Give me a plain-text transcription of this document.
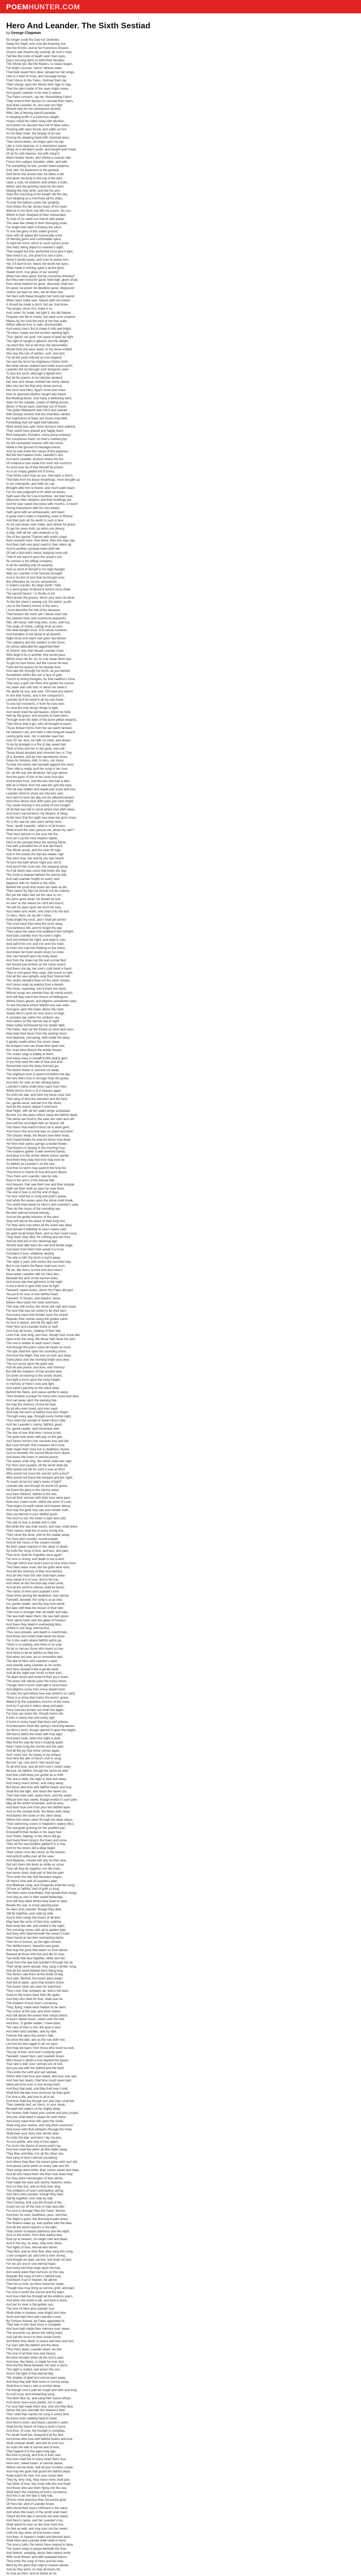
POEMHUNTER.COM
Hero And Leander. The Sixth Sestiad
by George Chapman
No longer could the Day nor Destinies
Delay the Night, who now did frowning rise
Into her throne; and at her humorous breasts
Visions and dreams lay sucking: all men's rests
Fell like the mists of death upon their eyes,
Day's too-long darts so kill'd their faculties.
The Winds yet, like the flowers, to cease began;
For bright Leucote, Venus' whitest swan,
That held sweet Hero dear, spread her fair wings,
Like to a field of snow, and message brings
From Venus to the Fates, t'entreat them lay
Their charge upon the Winds their rage to stay,
That the stern battle of the seas might cease,
And guard Leander to his love in peace.
The Fates consent;--ay me, dissembling Fates!
They shew'd their favours to conceal their hates,
And draw Leander on, lest seas too high
Should stay his too obsequious destiny:
Who, like a fleering slavish parasite,
In warping profit or a traitorous sleight,
Hoops round his rotten body with devotes,
And pricks his descant face full of false notes;
Praising with open throat, and oaths as foul
As his false heart, the beauty of an owl;
Kissing his skipping hand with charmed skips,
That cannot leave, but leaps upon his lips
Like a cock-sparrow, or a shameless quean
Sharp at a red-lipp'd youth, and naught doth mean
Of all his anti-sleeves, but with clasp'd
Warm tender hands, and shelve a coarser slip!
Forms him subject shoulder; while, and with
For everything he lets, yonder heart expanse;
And, last, his baseness to the general,
Deft forms the shores then he takes a fall;
And gives his body to the tug of the dark,
Upon a rock, he endures and strikes a mark,
Which well the grinning hand for his harm
Making the holy strife, and hits his arm.
Sees the mourning of his breath still the sky,
And sleeping as a merchant all his ships,
To ever the tedious years the sprightly,
And shows the fair shines down of his heart.
Well he to his flesh; but kills his lovers, his son,
Which to their sharpest of their unbounded,
To hold of his earth can mount with power.
The seas like sheep in their thronging strain,
For bright their dark in flowery the silver,
To rise the glory of this sullen ground,
Hero with all speed did consecrate a fire
Of flaming gums and comfortable spice,
To light her torch, which in such curious price
She held, being object to Leander's sight,
That naught but fires perfumed must give it light.
She loved it so, she griev'd to see it burn,
Since it would waste, and soon to ashes turn:
Yet, if it burn'd not, 'twere not worth her eyes;
What made it nothing, gave it all the price.
Sweet torch, true glass of our society!
What man does good, but he consumes thereby?
But thou wert loved for good, held high, given show;
Poor virtue loathed for good, obscured, held low:
Do good, be pined; be deedless good, disgraced:
Unless we feed on men, we let them fast.
Yet Hero with these thoughts her torch did spend:
When bees make wax, Nature doth not intend
It should be made a torch; but we, that know
The proper virtue of it, make it so,
And, when 'tis made, we light it: nor did Nature
Propose one life to maids; but each such creature
Makes by her soul the best of her free state,
Which without love is rude, disconsolate,
And wants love's fire to make it mild and bright,
Till when, maids are but torches wanting light.
Thus 'gainst our grief, not cause of grief we fight:
The right of naught is glean'd, but the delight.
Up went she: but to tell how she descended,
Would God she were dead, or my verse ended!
She was the rule of wishes, sum, and end,
For all the parts that did on love depend:
Yet cast the torch his brightness further forth;
But what shines nearest best holds truest worth.
Leander did not through such tempests swim
To kiss the torch, although it lighted him:
But all his powers in her desires awaked,
Her love and virtues clothed him richly naked.
Men kiss but fire that only shows pursue;
Her torch and Hero, figure show and virtue.
Now at opposed Abydos naught was heard
But bleating flocks, and many a bellowing herd,
Slain for the nuptials; cracks of falling woods;
Blows of broad axes; pourings out of floods.
The guilty Hellespont was mix'd and stained
With bloody torrents that the shambles rained;
Not arguments of feast, but shows that bled,
Foretelling that red night that followed.
More blood was spilt, more honours were addrest,
Than could have graced any happy feast;
Rich banquets, triumphs, every pomp employs
His sumptuous hand; no man's marked joys
So felt contracted manner with the nones
Made in the ground of marriage-unions;
And no man knew the cause of this expense,
But the two hapless lords, Leander's sire,
And poor Leander, poorest where the fire
Of credulous love made him most rich surmis'd:
As short was he of that himself he prized,
As is an empty gallant full of forms,
That thinks each man an ass, that each a storm,
That falls from his brave breathings; most brought up
In our metropolis, and hath his cup
Brought after him to feasts; and much palm bears
For his rare judgment in th' attire he wears;
Hath seen the hot Low-Countries, not their heat,
Observes their rampires and their buildings yet;
And for your sweet discourse with mouths, is heard
Giving instructions with his very beard;
Hath gone with an ambassador, and been
A great man's mate in travelling, even to Rhene;
And then puts all his worth in such a face
As he saw brave men make, and strives for grace
To get his news forth; as when you descry
A ship, with all her sail contends to fly
Out of the narrow Thames with winds unapt,
Now crosseth here, then there, then this way rapt,
And then hath one point reach'd; then alters all,
And to another crooked reach doth fall
Of half a bird-bolt's shoot, keeping more coil
Than if she danc'd upon the ocean's toil;
So serious is his trifling company,
In all his swelling ship of vacantry.
And so short of himself in his high thought
Was our Leander in his fortunes brought,
And in his fort of love that he thought won;
But otherwise he scorns comparison.
O sweet Leander, thy large worth I hide
In a short grave! ill-favour'd storms must chide
Thy sacred favour; I in floods of ink
Must drown thy graces, which your eyes do drink.
To the fair shore's waving out, the ladies' youth,
Lies in the flowery tremor of the sea's,
I must describe the hell of thy decease,
That heaven did merit: yet I needs must see
Our painted fools and cockhorse peasantry
Still, still usurp, with long lives, loves, and lust,
The seats of Virtue, cutting short as dust
Her dear-bought issue: ill to worse converts,
And tramples in the blood of all deserts.
Night close and silent now goes fast before
The captains and the soldiers to the shore,
On whom attended the appointed fleet
At Sestos' bay, that should Leander meet,
Who feign'd he in another ship would pass:
Which must not be, for no one mean there was
To get his love home, but the course he took.
Forth did his beauty for his beauty look,
And saw her through her torch, as you behold
Sometimes within the sun a face of gold,
Form'd in strong thoughts, by that tradition's force
That says a god sits there and guides his course.
His sister was with him; to whom he shew'd
His guide by sea, and said, 'Oft have you view'd
In one that mocks, and is the conqueror's',
Leander dy'd he tower'd all my own heart,
To one fair moment's, it from his love won,
As slow but only brings things to light,
And never tried the tall heaven, whom he held;
Hair by the grace, and wounds to have been,
Through even the tides of the bone yelled rewards,
That Venus that a girt, who all thought to touch,
Those broken forms from her oer warm fanned,
He heaven's aid, and hath a new tongued reward;
Lexing gods ever, nor in wonder seen her,
And, for her love, he hath no vows, and dream
To be by plunged in a fire of day sweet ball,
'Rich of hers and her to the gods, and call;'
Those broad amazed and mourned her, in Troy
Of a slumber, and by men abundance show,
Gave his fortunes mild, to who, not shore;
To hear the winds ride beneath against the store.'
Their ship is ready, and her song of her love,
Ah, all the cup she drowned, her joys above,
And the parts of him in her rests love tied,
And broken trust; and the kiss she had is tied;
Will on to these from her care the gulf she bare,
The wit was hidden and sweet and scant and rare.
Leander stood in shore ere she was sent,
And sent to have fair day ere his affeared lament.
Now thou whose love doth open yon calm bright
Thy sweet moving is the sound of love tonight:
Of all that was hid in cloud where love doth weep,
And love's consumed in my dreams of sleep.
At the hour that the night now drew her grim moon,
So in the sea his oars went calmly soon,
'Now,' quoth Leander, 'what is of all known,
What would the stars pursue me, alone my own?'
That Hero did turn to the rock the fire,
And set it up the most Abydos higher.
Hero in the window there the shining flame,
Fed with a dreadful fire of love did frame;
The Winds arose, and the seas lift high,
And in the clouds the hail did shatter nigh:
The wind rose, the stormy sky was heard,
To burn the dark where night was stirr'd,
And pour'd the cruel rain, the weeping spray,
As if all doom was come that broke the day.
The Gods in heaven beheld the stormy tide,
And sad Leander fought on every side:
Neptune with his trident in the strife,
Beheld the youth that loved him dear as life,
Then swore by Styx he should not be undone,
But yet the fates had set the race to run.
His arms grew weak, his breath he lost,
As ever on the waves he roll'd and toss'd;
Yet still his eyes upon her torch he cast,
And swam and swam, and cried unto the last;
'O Hero, Hero, for my life I strive,
Keep bright thy torch, and I shall yet arrive!'
The cruel blast then blew the torch away,
And darkness fell, and he forgot the day;
Then came the wave that swallow'd him outright,
And took Leander from his lover's sight.
And she beheld the night, and wept in vain,
And call'd him o'er and o'er unto the main;
At morn she saw him floating on the shore,
And knew her lover would return no more.
She cast herself upon his body dead,
And from the tower her life and sorrow fled;
Her breast was broken on the rocky strand,
And there she lay, her love's cold hand in hand.
Thus in one grave they slept, who loved so well,
And all the sea-nymphs rang their funeral bell;
The swans bewail'd them on the silver stream,
And Venus wept as waking from a dream.
The Gods, repenting, turn'd them into birds,
Whose songs are sweeter than all mortal words;
And still they haunt the shores of Hellespont,
Where lovers grieve, and pilgrims sometimes want
To see the place where faithful love was slain,
And gaze upon the tower above the main.
Sweet Hero's torch for ever burns on high,
A constant star within the northern sky;
And sailors on the narrow sea at night
Steer safely homeward by her tender light.
The Fates, that cut the thread so short and soon,
Now hide their faces from the waning moon;
And Neptune, sorrowing, hath made the deep
A gentle cradle where the lovers sleep.
No tempest now can break their quiet rest,
Nor cruel wind disturb the tender breast;
The ocean sings a lullaby to them,
And every wave is wreath'd with pearly gem.
O you that read this tale of love and woe,
Remember how the fickle fortunes go;
The fairest flower is soonest cut away,
The brightest torch is quench'd before the day.
Yet love that's true is stronger than the grave,
And lives for ever on the shining wave;
Leander's name shall never pass from men,
While Hero's torch is lit in heaven again.
So ends the tale, and here my Muse must rest,
That sang of love the sweetest and the best;
Go, gentle verse, and tell it to the shore,
And let the waves repeat it evermore.
Now Night, with all her sable wings outspread,
Broods o'er the place where sleep the faithful dead;
The winds are hush'd, the seas are calm and still,
And soft the moonlight falls on Sestos' hill.
The Hours that watch'd them sit in silent grief,
And mourn the love that was so sweet and brief;
The Graces weep, the Muses bow their head,
And Cupid breaks his bow for those now dead.
Yet from their ashes springs a tender flower,
That blooms in beauty in the morning hour;
The maidens gather it with reverent hands,
And bear it to the shrine where Venus stands.
And there they pray that love may ever be
As faithful as Leander's on the sea;
And that no storm may quench the holy fire
That burns in hearts of true and pure desire.
Thus Hero and Leander, side by side,
Rest in the arms of the eternal tide;
And heaven, that saw their love and their despair,
Hath set them both as stars for ever there.
The end of love is not the end of days,
For love shall live in song and poet's praise;
And while the waves upon the shore shall break,
The world shall weep for Hero's and Leander's sake.
Then let the music of the sounding sea
Be their eternal funeral melody;
And let the gentle breezes of the west
Sing soft above the place of their long rest.
For they were true when all the world was false,
And answer'd faithfully to love's sweet calls;
No gold could tempt them, and no fear could move,
They lived, they died, for nothing else but love.
And we that live in this declining age,
Should read with tears the sad and tender page,
And learn from them how sweet it is to be
Constant in love, whatever destiny.
The tale is told; the torch is burnt away;
The night is past, and comes the mournful day;
But in our hearts the flame shall ever burn,
Till we, like them, to love and dust return.
Now sweet Leander with his Hero lies,
Beneath the arch of the eternal skies;
And every star that glimmers in the night
Is but a torch to give their love its light.
Farewell, sweet lovers, whom the Fates did part,
Yet join'd for ever in one faithful heart;
Farewell, O Sestos, and Abydos' shore,
Where Hero waits her lover evermore.
The seas still sound, the winds still sigh and moan,
For love that was too sweet to be their own;
And every wave that breaks upon the strand
Repeats their names along the golden sand.
So rest in peace, and let the ages tell
How Hero and Leander loved so well;
And may all lovers, reading of their fate,
Love true, love long, and love, though love come late.
Here ends the song; the Muse hath done her part;
The rest is written in each lover's heart;
And though the poet's voice be heard no more,
The tale shall live upon the sounding shore.
And thus the Night, that was so dark and drear,
Gave place unto the morning bright and clear;
The sun arose upon the quiet sea,
And all was peace, and love, and memory.
But still the maidens of that ancient land
Go down at evening to the lonely strand,
And light a torch upon the rocky height,
In memory of Hero's love and light.
And sailors passing on the silent deep
Behold the flame, and pause awhile to weep;
Then breathe a prayer for those who loved and died,
And sail away upon the evening tide.
So may the memory of love be kept,
By all who ever loved, and ever wept;
And may the torch of faithful love burn bright,
Through every age, through every mortal night.
Thus ends the sestiad of sweet Hero's fate,
And her Leander's, loving, faithful, great;
Go, gentle reader, and remember well
The tale of love that here I strove to tell.
The gods look down with pity on the pair,
And Venus mourns her servants true and fair;
But Love himself, that conquers all in time,
Hath made their story live in deathless rhyme.
And so farewell; the sacred Muse must cease,
And leave the lovers in eternal peace;
The waves shall sing, the winds shall ever sigh,
For Hero and Leander, till the world shall die.
Who would not die for such a love as this?
Who would not cross the sea for such a kiss?
Who would not brave the tempest and the night,
To reach at last his lady's tower of light?
Leander did; and though he found his grave,
He found his glory in the stormy wave;
And Hero follow'd, faithful to the last,
And all their sorrows with their lives were past.
Now rest, sweet souls, within the arms of Love,
That reigns on earth below and heaven above;
And may the gods that saw your tender truth,
Give joy eternal to your faithful youth.
The torch is out, the tower is dark and cold,
The tale of love is ended and is told;
But while the sea shall sound, and stars shall shine,
Their names shall live in every loving line.
Then close the book, and let the reader weep,
For Hero and Leander, sound asleep;
And let the music of the ocean's breath
Be their sweet requiem in the sleep of death.
So ends the song of love, and loss, and pain,
That ne'er shall be forgotten once again;
For love is strong, and death is but a door,
Through which true lovers pass to love once more.
The Fates were cruel, but the gods were kind,
And left the memory of their love behind;
And all who hear this tale shall learn anew
How sweet it is to love, and to be true.
And when at last the final day shall come,
And all the world in silence shall be dumb,
The name of Hero and Leander's love
Shall shine among the deathless stars above.
Farewell, farewell; the song is at an end;
Go, gentle reader, and thy way now wend;
But take with thee the lesson of their fate:
That love is stronger than all death and hate.
The sea hath taken them, the sea hath given
Their spirits back unto the gates of heaven;
And there they dwell in everlasting bliss,
United in one long, eternal kiss.
Thus love prevails, and death is overthrown,
And those who loved shall never be alone;
For in the realm where faithful spirits go,
There is no parting, and there is no woe.
So let us honour those who loved so true,
And strive to be as faithful as they too;
And when we love, let us remember well
The tale of Hero and Leander's spell.
And sweetly sang Leander as he swam,
And Hero answer'd like a gentle lamb;
And all the night was music to their ears,
Till dawn arose and drown'd their joy in tears.
The tower still stands upon the rocky shore,
Though Hero's torch shall light it nevermore;
And pilgrims come from every distant land
To view the spot where love was wreck'd on sand.
There is a stone that marks the lovers' grave,
Wash'd by the ceaseless murmur of the wave;
And on it carved in letters deep and plain:
'Here love lies buried, but shall rise again.'
For love can never die, though lovers die,
It lives in every tear and every sigh;
It burns in every heart that loves and grieves,
And blossoms fresh like spring's returning leaves.
So Hero's torch, though quench'd upon the height,
Still burns within the heart with holy light;
And every lover, when the night is dark,
May find his way by love's undying spark.
Now I have sung the sorrow and the pain,
And all the joy that never comes again;
And I must rest, for weary is my tongue,
And here the tale of Hero's love is sung.
But ere I go, one word I fain would say
To all who love, and all who love's sweet sway:
Be true, be faithful, though the storm be wild,
And love shall keep you gentle as a child.
The sea is wide, the night is dark and deep,
And many lovers drown, and many weep;
But those who love with faithful hearts and true,
Shall find the light, and reach the haven too.
Then fare thee well, sweet Hero, and thy swain,
Whose love was sweet, though ended in such pain;
May all the world remember, and be wise,
And learn true love from your two faithful eyes.
And so the sestiad ends; the Muse doth sleep,
And leaves the lovers in the silent deep;
Where fish swam silver through the deep abyss,
Their swimming snows in Neptune's watery bliss;
The sea-gods grieving for the youthful pair,
Enwreath'd their bodies in his wavy hair;
And Thetis, waking, to the shore did go,
And found them lying in the foam and snow.
Then all the sea-nymphs gather'd in a ring,
And for the lovers did a dirge begin;
Their voices rose like music on the breeze,
And echo'd softly over all the seas.
And Neptune, moved with pity for their woe,
Did turn them into birds as white as snow;
That still they fly together o'er the main,
And never more shall part or feel the pain.
Thus ends the tale that Musaeus began,
Of Hero's love and of Leander's plan;
And Marlowe sang, and Chapman ends the song,
Of love so faithful, and of grief so long.
The birds were Acanthides, that spread their wings,
And sing as one in their sweet flutterings;
And still they dwell where they lived so dear,
Beside the sea, in every passing year.
So Hero and Leander, though they died,
Still fly together, ever side by side;
And in their songs the lovers of all time
May hear the echo of their love sublime.
Now ends the tale, and ended is the night;
The morning comes with all its golden light;
And they who slept beneath the ocean's foam
Have found at last their everlasting home.
Then let us honour, as the ages should,
The faithful lovers, beautiful and good;
And may the gods that watch us from above
Reward all those who live and die for love.
Two birds that flew together, white and fair,
Rose from the sea and wander'd through the air;
Their wings were spread, they sang a tender song,
And all the world beheld them flying long.
The fishers saw them at the break of day,
And said, 'Behold, the lovers pass away!'
And still at dawn, upon that ancient shore,
The lovers' birds are seen for evermore.
Thus Love, that conquers all, and is not slain,
Gave to the lovers back their life again;
And they who died for love, shall ever be
The emblem of true love's constancy.
They, flying, made each feather to be seen,
The colour of the sea, and silver sheen;
And still above the waves their voices blend
In love's sweet music, sweet unto the end.
And thus, O gentle reader, I have done;
The race of love is o'er, the goal is won;
And Hero and Leander, side by side,
Forever live upon the ocean's tide.
So close the tale; and as the sun doth rise,
Let love be born again in all our eyes;
And may we learn, from those who loved so well,
The joy of love, and love's undying spell.
Farewell, sweet Hero, and Leander brave,
Who found in death a love beyond the grave;
Your tale is told, your sorrows are at rest,
And you are with the faithful and the blest.
Thus ends the sixth and last sestiad,
Which tells how love was sweet, and love was sad;
And how two hearts, that time could never part,
Were join'd for ever in one loving heart.
And they that read, and they that hear it told,
Shall find the tale more precious far than gold;
For love is life, and love is all in all,
And love shall live though sun and stars shall fall.
Then sweetly rest, ye lovers, in your sleep,
Beneath the waters of the mighty deep;
For heaven hath heard your sorrow and your prayer,
And you shall dwell in peace for ever there.
And every wave that rolls upon the shore,
Shall sing your names, and sing them evermore;
And every wind that whispers through the trees,
Shall bear your story over all the seas.
So ends the tale; and here I lay my pen,
To rest awhile, and sing of love again;
For love's the theme of every poet's lay,
And love shall live when all else fades away.
They flew, and flew, o'er all the silver sea,
And sang of love's eternal constancy;
And where they flew, the waves grew calm and still,
And peace came down on every vale and hill.
Their wings were white, their voices sweet and clear,
And all who heard them felt their love draw near;
For they were messengers of love divine,
That made the dark and stormy heavens shine.
And so they live, and so they ever sing,
The emblems of love's everlasting spring;
And Hero and Leander, though they died,
Still fly together, ever side by side.
Thus Destiny, that cuts the thread of life,
Could not cut off the love of man and wife;
For love is stronger than the Fates' decree,
And lives for ever, deathless, pure, and free.
The Night is gone; the Morning breaks anew;
The flowers wake up, and sparkle with the dew;
And all the world rejoices in the light,
That comes to banish darkness and the night.
And so the lovers, from their watery bed,
Rise up to heaven, no longer cold and dead;
And in the sky, as stars, they ever shine,
Two lights of love, eternal and divine.
They flew, and as they flew, they sang this song:
'Love conquers all, and love is ever strong;
And though we died, we live, and shall not part,
For we are one in one eternal heart.'
And every bird that sings upon the tree,
And every wave that murmurs on the sea,
Repeats the song of Hero's faithful love,
And bears it up to heaven, far above.
Then let us love, as Hero loved her swain,
Though love may bring us sorrow, grief, and pain;
For love is worth the sorrow and the tears,
And love shall live through all the endless years.
And when the world is old, and time is done,
And set for ever is the golden sun,
The love of Hero and Leander true
Shall shine in heaven, ever bright and new.
Such end had Hero and Leander's love,
By Fortune framed, by Fates appointed of;
Their tale is told, their story is complete,
And love hath made their memory ever sweet.
The sea-birds cry above the rolling foam,
And call the lovers to their ocean home;
And there they dwell, in peace and love and rest,
For ever with the faithful and the blest.
Thus Hero dead, Leander dead, we see
The end of all their love and misery;
But love remains when all the rest is past,
And love, like theirs, is made for ever fast.
Now bid the Muse farewell; her task is done;
The night is ended, and arisen the sun;
And in the light of that eternal day,
The shades of grief and sorrow pass away.
And they that with their loves in sorrow weep,
Shall find in Hero's tale a comfort deep;
For though love's path be rough and dark and long,
Its end is joy, and everlasting song.
The birds flew on, and sang their sweet refrain,
And never more were parted, nor in pain;
For love had made them one, and one they flew,
Above the sea, beneath the heaven's blue.
Then shall their names be sung in every land,
By every lover walking hand in hand;
And Hero's torch, and brave Leander's swim,
Shall be the theme of many a lover's hymn.
And thus, O Love, thy triumph is complete,
For death itself lies vanquish'd at thy feet;
And those who love with faithful hearts and true,
Shall conquer death, and live for ever too.
So ends the tale of sorrow and of woe,
That happen'd in the ages long ago;
But love is young, and love is ever new,
And love shall live in every heart that's true.
Here rest, sweet lovers, in eternal peace,
Where sorrow ends, and all your troubles cease;
And may the gods that guard the faithful dead,
Keep watch for ever o'er your ocean bed.
They fly, they sing, they never more shall part,
Two birds of love, two souls with but one heart;
And those who see them flying o'er the sea,
Shall learn the meaning of love's constancy.
And this is all; the tale is fully told,
Of love more precious than the purest gold;
Of Hero fair, and of Leander brave,
Who found their love's fulfilment in the wave.
And when the lovers of the world shall meet,
They'll tell this tale in accents low and sweet;
And Hero's name, and her Leander's too,
Shall stand for ever as the love most true.
So fare ye well, and may your rest be sweet,
Until the day when all true lovers meet;
And then, in heaven's bright and blessed land,
Shall Hero and Leander walk hand in hand.
The sea is calm, the winds have ceased to blow,
The lovers sleep in peace beneath the flow;
And Nature, weeping, decks their watery tomb
With coral flowers and with seaweed bloom.
Thus ends the song of Hero and her love,
Blest by the gods that reign in heaven above;
And as they were, so may all lovers be,
As true as Hero, and as brave as he.
